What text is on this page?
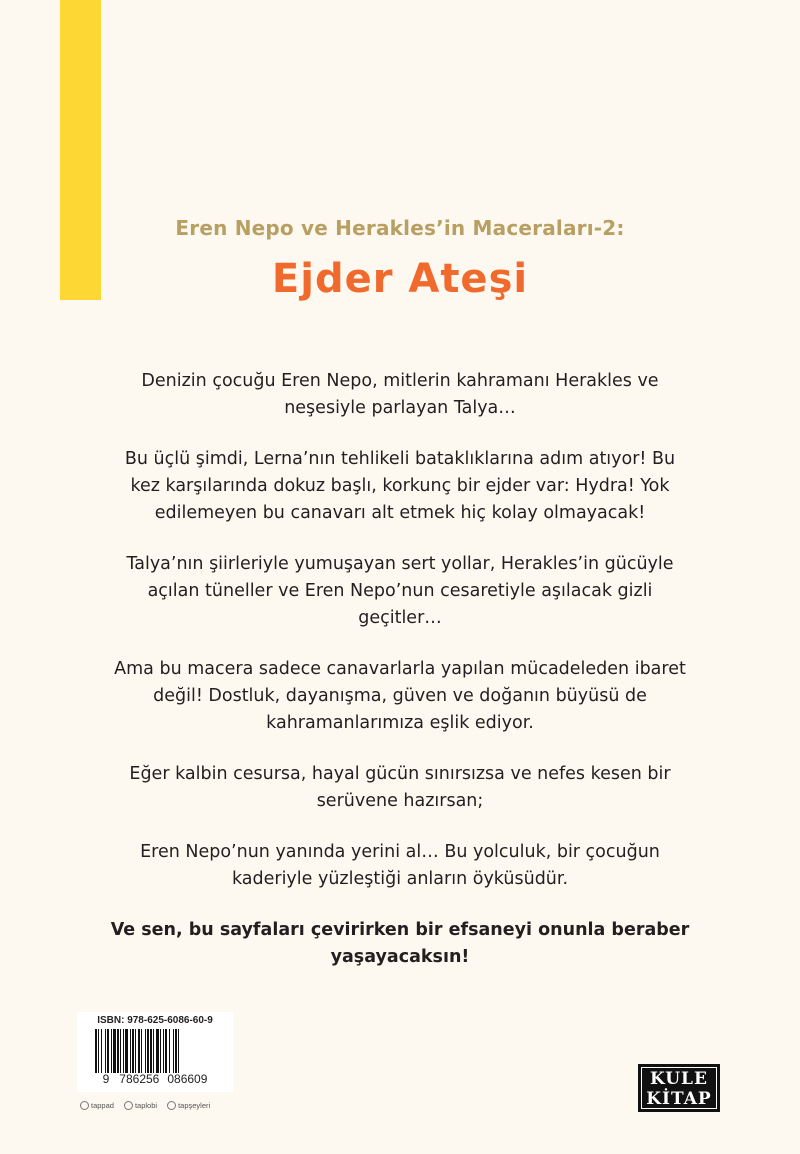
Eren Nepo ve Herakles’in Maceraları-2:
Ejder Ateşi

Denizin çocuğu Eren Nepo, mitlerin kahramanı Herakles ve neşesiyle parlayan Talya…

Bu üçlü şimdi, Lerna’nın tehlikeli bataklıklarına adım atıyor! Bu kez karşılarında dokuz başlı, korkunç bir ejder var: Hydra! Yok edilemeyen bu canavarı alt etmek hiç kolay olmayacak!

Talya’nın şiirleriyle yumuşayan sert yollar, Herakles’in gücüyle açılan tüneller ve Eren Nepo’nun cesaretiyle aşılacak gizli geçitler…

Ama bu macera sadece canavarlarla yapılan mücadeleden ibaret değil! Dostluk, dayanışma, güven ve doğanın büyüsü de kahramanlarımıza eşlik ediyor.

Eğer kalbin cesursa, hayal gücün sınırsızsa ve nefes kesen bir serüvene hazırsan;

Eren Nepo’nun yanında yerini al… Bu yolculuk, bir çocuğun kaderiyle yüzleştiği anların öyküsüdür.

Ve sen, bu sayfaları çevirirken bir efsaneyi onunla beraber yaşayacaksın!

ISBN: 978-625-6086-60-9
9 786256 086609
tappad	taplobi	tapşeyleri
KULE
KİTAP
